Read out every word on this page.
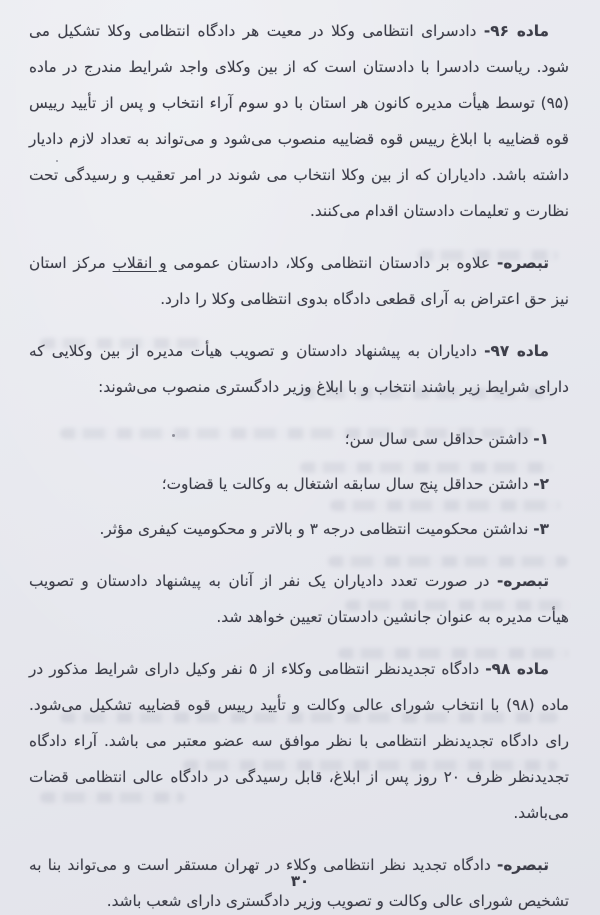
ماده ۹۶- دادسرای انتظامی وکلا در معیت هر دادگاه انتظامی وکلا تشکیل می شود. ریاست دادسرا با دادستان است که از بین وکلای واجد شرایط مندرج در ماده (۹۵) توسط هیأت مدیره کانون هر استان با دو سوم آراء انتخاب و پس از تأیید رییس قوه قضاییه با ابلاغ رییس قوه قضاییه منصوب می‌شود و می‌تواند به تعداد لازم دادیار داشته باشد. دادیاران که از بین وکلا انتخاب می شوند در امر تعقیب و رسیدگی تحت نظارت و تعلیمات دادستان اقدام می‌کنند.

تبصره- علاوه بر دادستان انتظامی وکلا، دادستان عمومی و انقلاب مرکز استان نیز حق اعتراض به آرای قطعی دادگاه بدوی انتظامی وکلا را دارد.

ماده ۹۷- دادیاران به پیشنهاد دادستان و تصویب هیأت مدیره از بین وکلایی که دارای شرایط زیر باشند انتخاب و با ابلاغ وزیر دادگستری منصوب می‌شوند:

۱- داشتن حداقل سی سال سن؛
۲- داشتن حداقل پنج سال سابقه اشتغال به وکالت یا قضاوت؛
۳- نداشتن محکومیت انتظامی درجه ۳ و بالاتر و محکومیت کیفری مؤثر.

تبصره- در صورت تعدد دادیاران یک نفر از آنان به پیشنهاد دادستان و تصویب هیأت مدیره به عنوان جانشین دادستان تعیین خواهد شد.

ماده ۹۸- دادگاه تجدیدنظر انتظامی وکلاء از ۵ نفر وکیل دارای شرایط مذکور در ماده (۹۸) با انتخاب شورای عالی وکالت و تأیید رییس قوه قضاییه تشکیل می‌شود. رای دادگاه تجدیدنظر انتظامی با نظر موافق سه عضو معتبر می باشد. آراء دادگاه تجدیدنظر ظرف ۲۰ روز پس از ابلاغ، قابل رسیدگی در دادگاه عالی انتظامی قضات می‌باشد.

تبصره- دادگاه تجدید نظر انتظامی وکلاء در تهران مستقر است و می‌تواند بنا به تشخیص شورای عالی وکالت و تصویب وزیر دادگستری دارای شعب باشد.

۳۰
